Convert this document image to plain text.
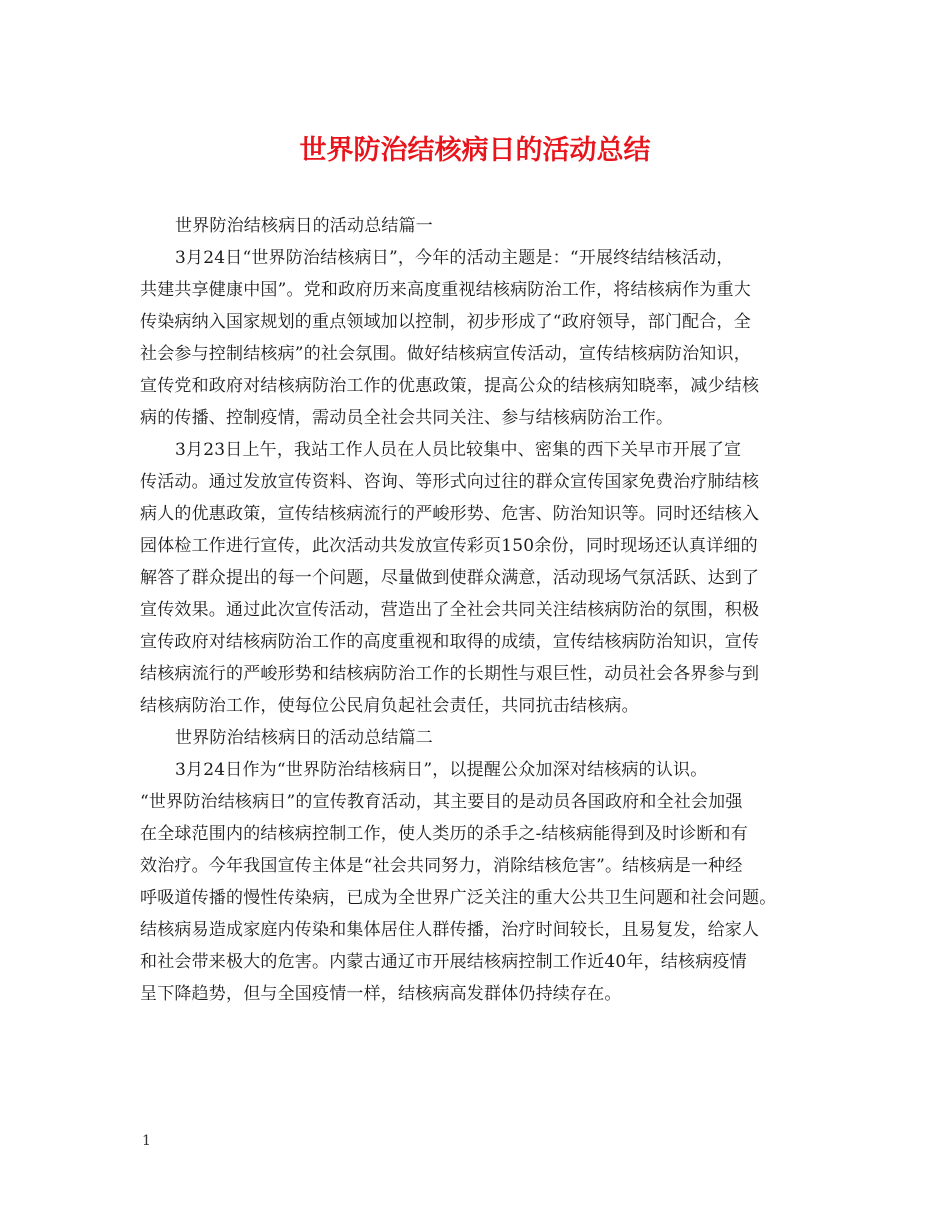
世界防治结核病日的活动总结
世界防治结核病日的活动总结篇一
3月24日“世界防治结核病日”，今年的活动主题是：“开展终结结核活动，
共建共享健康中国”。党和政府历来高度重视结核病防治工作，将结核病作为重大
传染病纳入国家规划的重点领域加以控制，初步形成了“政府领导，部门配合，全
社会参与控制结核病”的社会氛围。做好结核病宣传活动，宣传结核病防治知识，
宣传党和政府对结核病防治工作的优惠政策，提高公众的结核病知晓率，减少结核
病的传播、控制疫情，需动员全社会共同关注、参与结核病防治工作。
3月23日上午，我站工作人员在人员比较集中、密集的西下关早市开展了宣
传活动。通过发放宣传资料、咨询、等形式向过往的群众宣传国家免费治疗肺结核
病人的优惠政策，宣传结核病流行的严峻形势、危害、防治知识等。同时还结核入
园体检工作进行宣传，此次活动共发放宣传彩页150余份，同时现场还认真详细的
解答了群众提出的每一个问题，尽量做到使群众满意，活动现场气氛活跃、达到了
宣传效果。通过此次宣传活动，营造出了全社会共同关注结核病防治的氛围，积极
宣传政府对结核病防治工作的高度重视和取得的成绩，宣传结核病防治知识，宣传
结核病流行的严峻形势和结核病防治工作的长期性与艰巨性，动员社会各界参与到
结核病防治工作，使每位公民肩负起社会责任，共同抗击结核病。
世界防治结核病日的活动总结篇二
3月24日作为“世界防治结核病日”，以提醒公众加深对结核病的认识。
“世界防治结核病日”的宣传教育活动，其主要目的是动员各国政府和全社会加强
在全球范围内的结核病控制工作，使人类历的杀手之-结核病能得到及时诊断和有
效治疗。今年我国宣传主体是“社会共同努力，消除结核危害”。结核病是一种经
呼吸道传播的慢性传染病，已成为全世界广泛关注的重大公共卫生问题和社会问题。
结核病易造成家庭内传染和集体居住人群传播，治疗时间较长，且易复发，给家人
和社会带来极大的危害。内蒙古通辽市开展结核病控制工作近40年，结核病疫情
呈下降趋势，但与全国疫情一样，结核病高发群体仍持续存在。
1
